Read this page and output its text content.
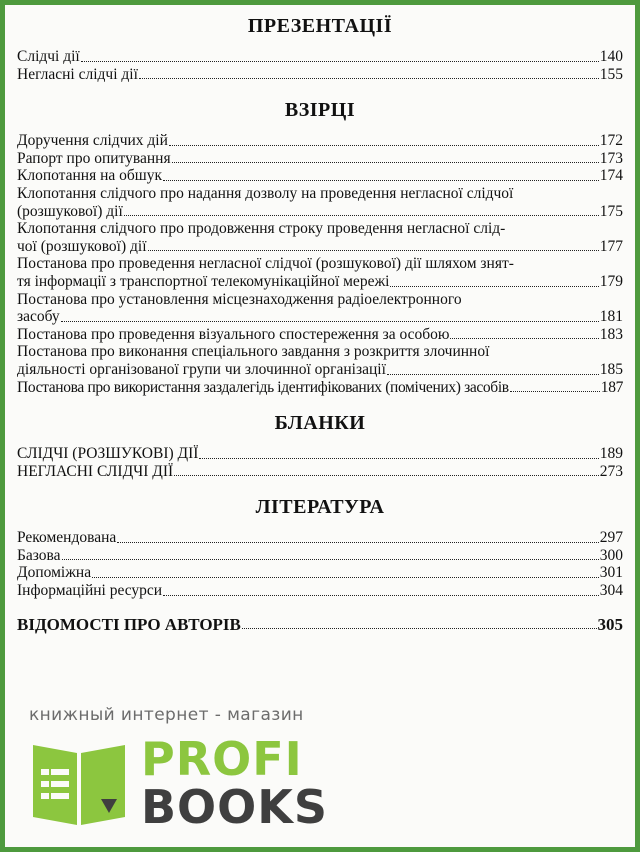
ПРЕЗЕНТАЦІЇ
Слідчі дії	140
Негласні слідчі дії	155
ВЗІРЦІ
Доручення слідчих дій	172
Рапорт про опитування	173
Клопотання на обшук	174
Клопотання слідчого про надання дозволу на проведення негласної слідчої
(розшукової) дії	175
Клопотання слідчого про продовження строку проведення негласної слід-
чої (розшукової) дії	177
Постанова про проведення негласної слідчої (розшукової) дії шляхом знят-
тя інформації з транспортної телекомунікаційної мережі	179
Постанова про установлення місцезнаходження радіоелектронного
засобу	181
Постанова про проведення візуального спостереження за особою	183
Постанова про виконання спеціального завдання з розкриття злочинної
діяльності організованої групи чи злочинної організації	185
Постанова про використання заздалегідь ідентифікованих (помічених) засобів	187
БЛАНКИ
СЛІДЧІ (РОЗШУКОВІ) ДІЇ	189
НЕГЛАСНІ СЛІДЧІ ДІЇ	273
ЛІТЕРАТУРА
Рекомендована	297
Базова	300
Допоміжна	301
Інформаційні ресурси	304
ВІДОМОСТІ ПРО АВТОРІВ	305
книжный интернет - магазин
PROFI
BOOKS
